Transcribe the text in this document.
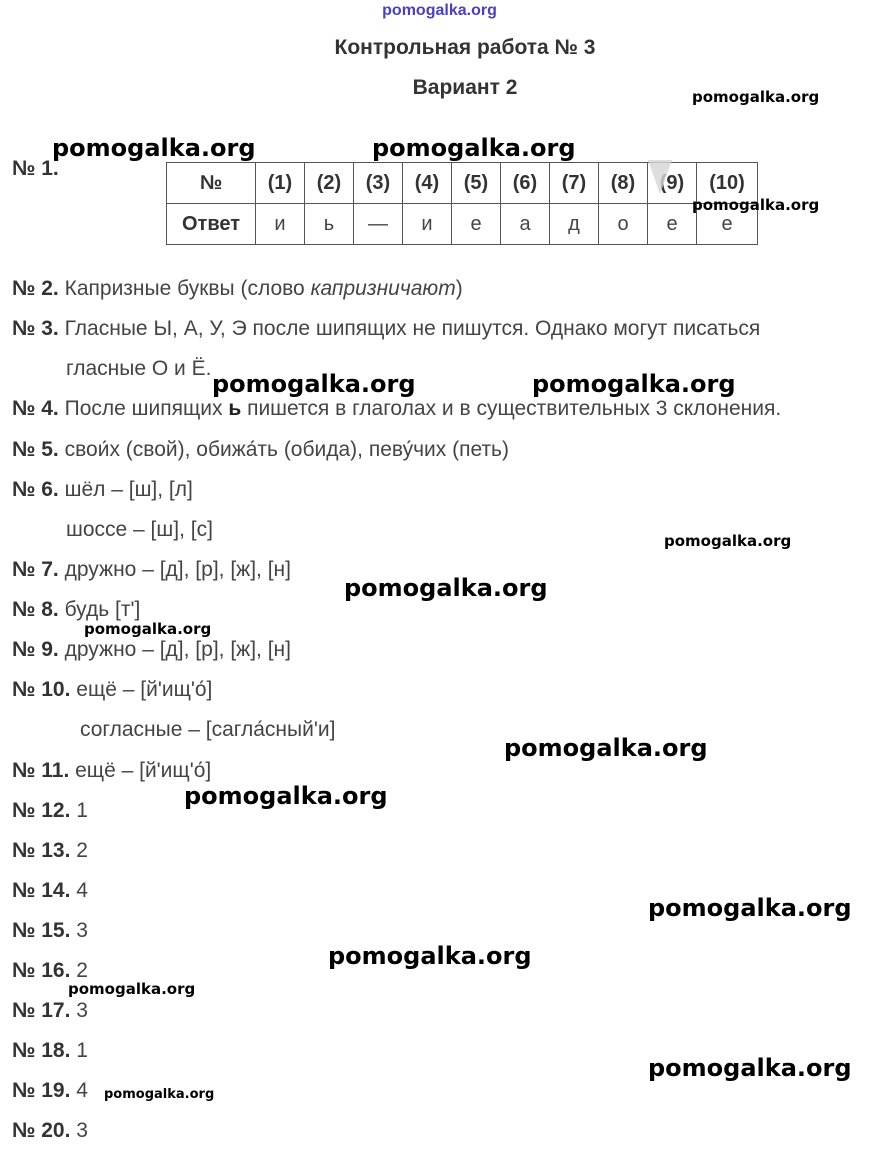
pomogalka.org
Контрольная работа № 3
Вариант 2
№ 1.
№	(1)	(2)	(3)	(4)	(5)	(6)	(7)	(8)	(9)	(10)
Ответ	и	ь	—	и	е	а	д	о	е	е
№ 2. Капризные буквы (слово капризничают)
№ 3. Гласные Ы, А, У, Э после шипящих не пишутся. Однако могут писаться
гласные О и Ё.
№ 4. После шипящих ь пишется в глаголах и в существительных 3 склонения.
№ 5. свои́х (свой), обижа́ть (обида), певу́чих (петь)
№ 6. шёл – [ш], [л]
шоссе – [ш], [с]
№ 7. дружно – [д], [р], [ж], [н]
№ 8. будь [т']
№ 9. дружно – [д], [р], [ж], [н]
№ 10. ещё – [й'ищ'о́]
согласные – [сагла́сный'и]
№ 11. ещё – [й'ищ'о́]
№ 12. 1
№ 13. 2
№ 14. 4
№ 15. 3
№ 16. 2
№ 17. 3
№ 18. 1
№ 19. 4
№ 20. 3
pomogalka.org
pomogalka.org	pomogalka.org
pomogalka.org
pomogalka.org	pomogalka.org
pomogalka.org
pomogalka.org
pomogalka.org
pomogalka.org
pomogalka.org
pomogalka.org
pomogalka.org
pomogalka.org
pomogalka.org
pomogalka.org
